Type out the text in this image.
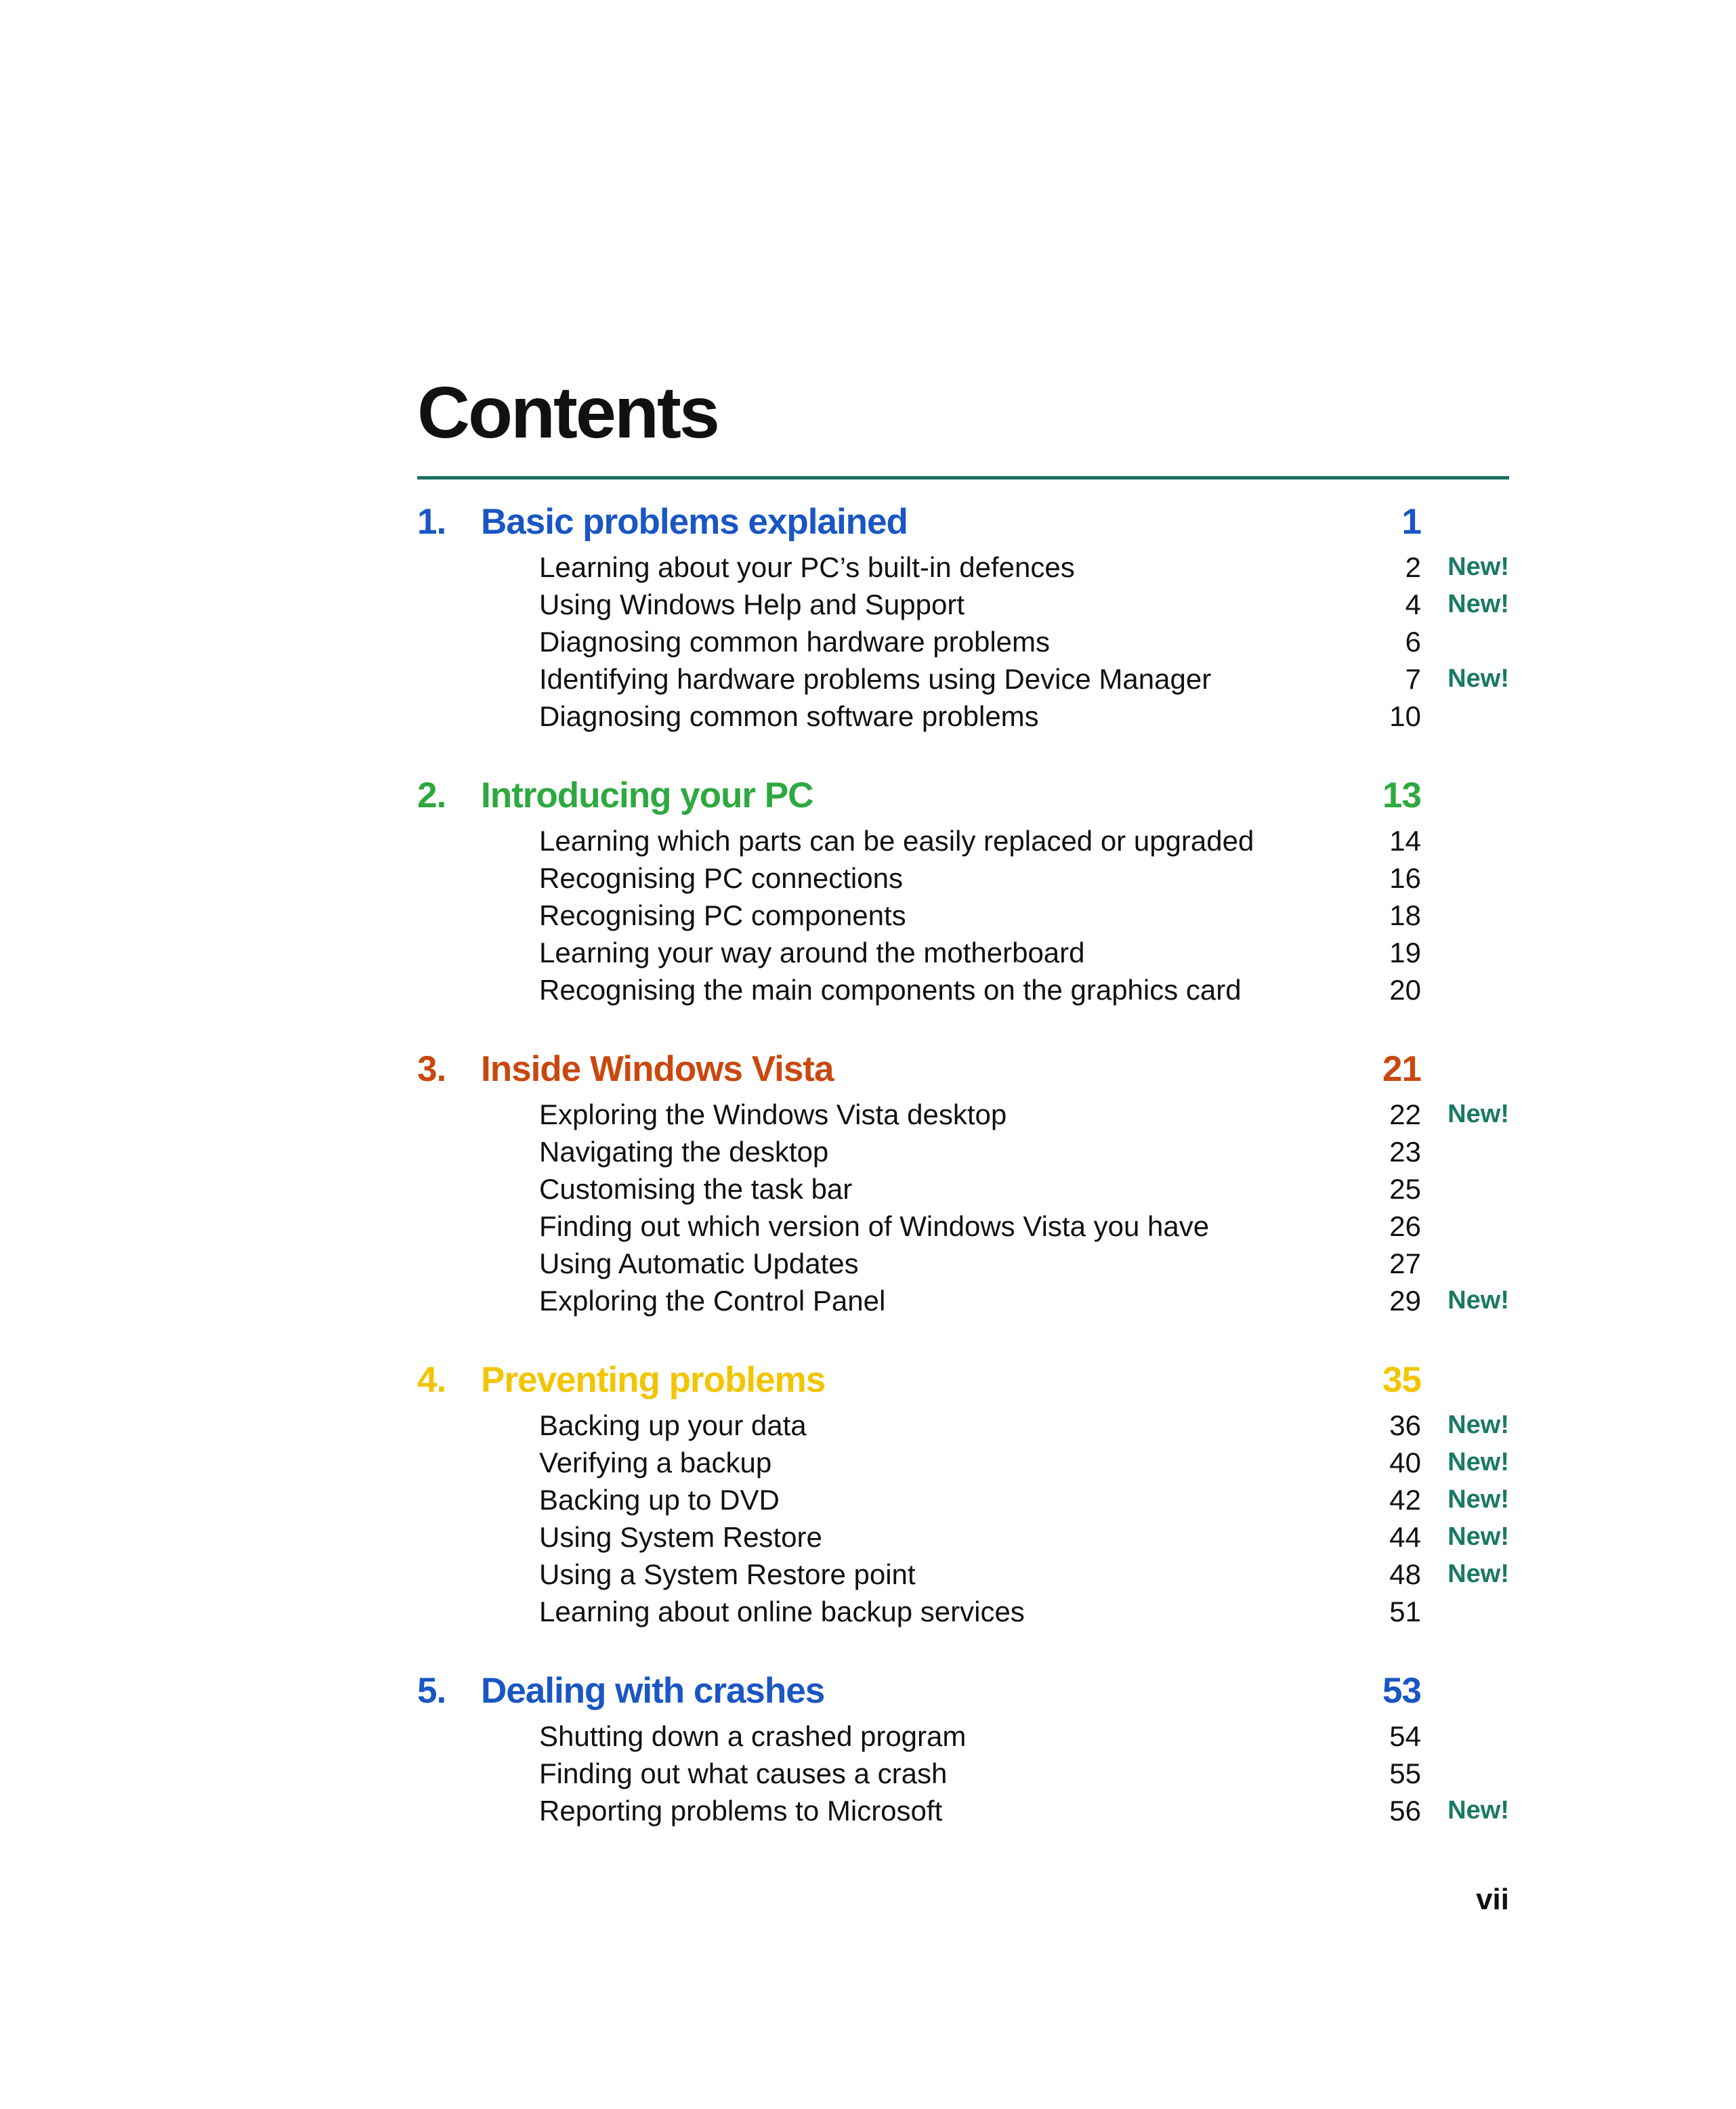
Contents
1. Basic problems explained	1
Learning about your PC’s built-in defences	2	New!
Using Windows Help and Support	4	New!
Diagnosing common hardware problems	6
Identifying hardware problems using Device Manager	7	New!
Diagnosing common software problems	10
2. Introducing your PC	13
Learning which parts can be easily replaced or upgraded	14
Recognising PC connections	16
Recognising PC components	18
Learning your way around the motherboard	19
Recognising the main components on the graphics card	20
3. Inside Windows Vista	21
Exploring the Windows Vista desktop	22	New!
Navigating the desktop	23
Customising the task bar	25
Finding out which version of Windows Vista you have	26
Using Automatic Updates	27
Exploring the Control Panel	29	New!
4. Preventing problems	35
Backing up your data	36	New!
Verifying a backup	40	New!
Backing up to DVD	42	New!
Using System Restore	44	New!
Using a System Restore point	48	New!
Learning about online backup services	51
5. Dealing with crashes	53
Shutting down a crashed program	54
Finding out what causes a crash	55
Reporting problems to Microsoft	56	New!
vii
